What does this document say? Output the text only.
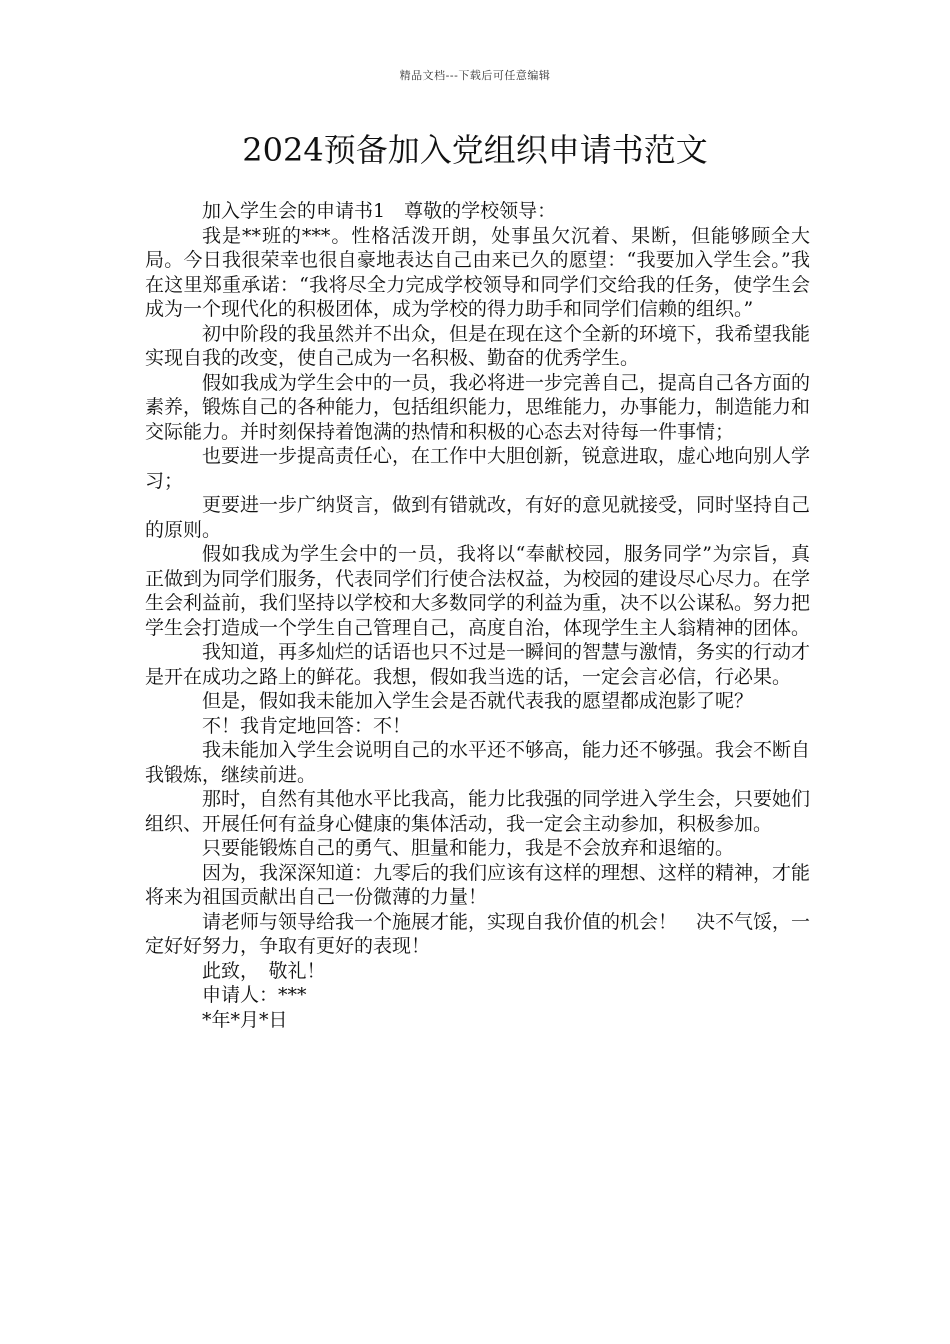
精品文档---下载后可任意编辑
2024预备加入党组织申请书范文

加入学生会的申请书1　尊敬的学校领导：

我是**班的***。性格活泼开朗，处事虽欠沉着、果断，但能够顾全大局。今日我很荣幸也很自豪地表达自己由来已久的愿望：“我要加入学生会。”我在这里郑重承诺：“我将尽全力完成学校领导和同学们交给我的任务，使学生会成为一个现代化的积极团体，成为学校的得力助手和同学们信赖的组织。”

初中阶段的我虽然并不出众，但是在现在这个全新的环境下，我希望我能实现自我的改变，使自己成为一名积极、勤奋的优秀学生。

假如我成为学生会中的一员，我必将进一步完善自己，提高自己各方面的素养，锻炼自己的各种能力，包括组织能力，思维能力，办事能力，制造能力和交际能力。并时刻保持着饱满的热情和积极的心态去对待每一件事情；

也要进一步提高责任心，在工作中大胆创新，锐意进取，虚心地向别人学习；

更要进一步广纳贤言，做到有错就改，有好的意见就接受，同时坚持自己的原则。

假如我成为学生会中的一员，我将以“奉献校园，服务同学”为宗旨，真正做到为同学们服务，代表同学们行使合法权益，为校园的建设尽心尽力。在学生会利益前，我们坚持以学校和大多数同学的利益为重，决不以公谋私。努力把学生会打造成一个学生自己管理自己，高度自治，体现学生主人翁精神的团体。

我知道，再多灿烂的话语也只不过是一瞬间的智慧与激情，务实的行动才是开在成功之路上的鲜花。我想，假如我当选的话，一定会言必信，行必果。

但是，假如我未能加入学生会是否就代表我的愿望都成泡影了呢？

不！我肯定地回答：不！

我未能加入学生会说明自己的水平还不够高，能力还不够强。我会不断自我锻炼，继续前进。

那时，自然有其他水平比我高，能力比我强的同学进入学生会，只要她们组织、开展任何有益身心健康的集体活动，我一定会主动参加，积极参加。

只要能锻炼自己的勇气、胆量和能力，我是不会放弃和退缩的。

因为，我深深知道：九零后的我们应该有这样的理想、这样的精神，才能将来为祖国贡献出自己一份微薄的力量！

请老师与领导给我一个施展才能，实现自我价值的机会！　决不气馁，一定好好努力，争取有更好的表现！

此致，　敬礼！

申请人：***

*年*月*日
